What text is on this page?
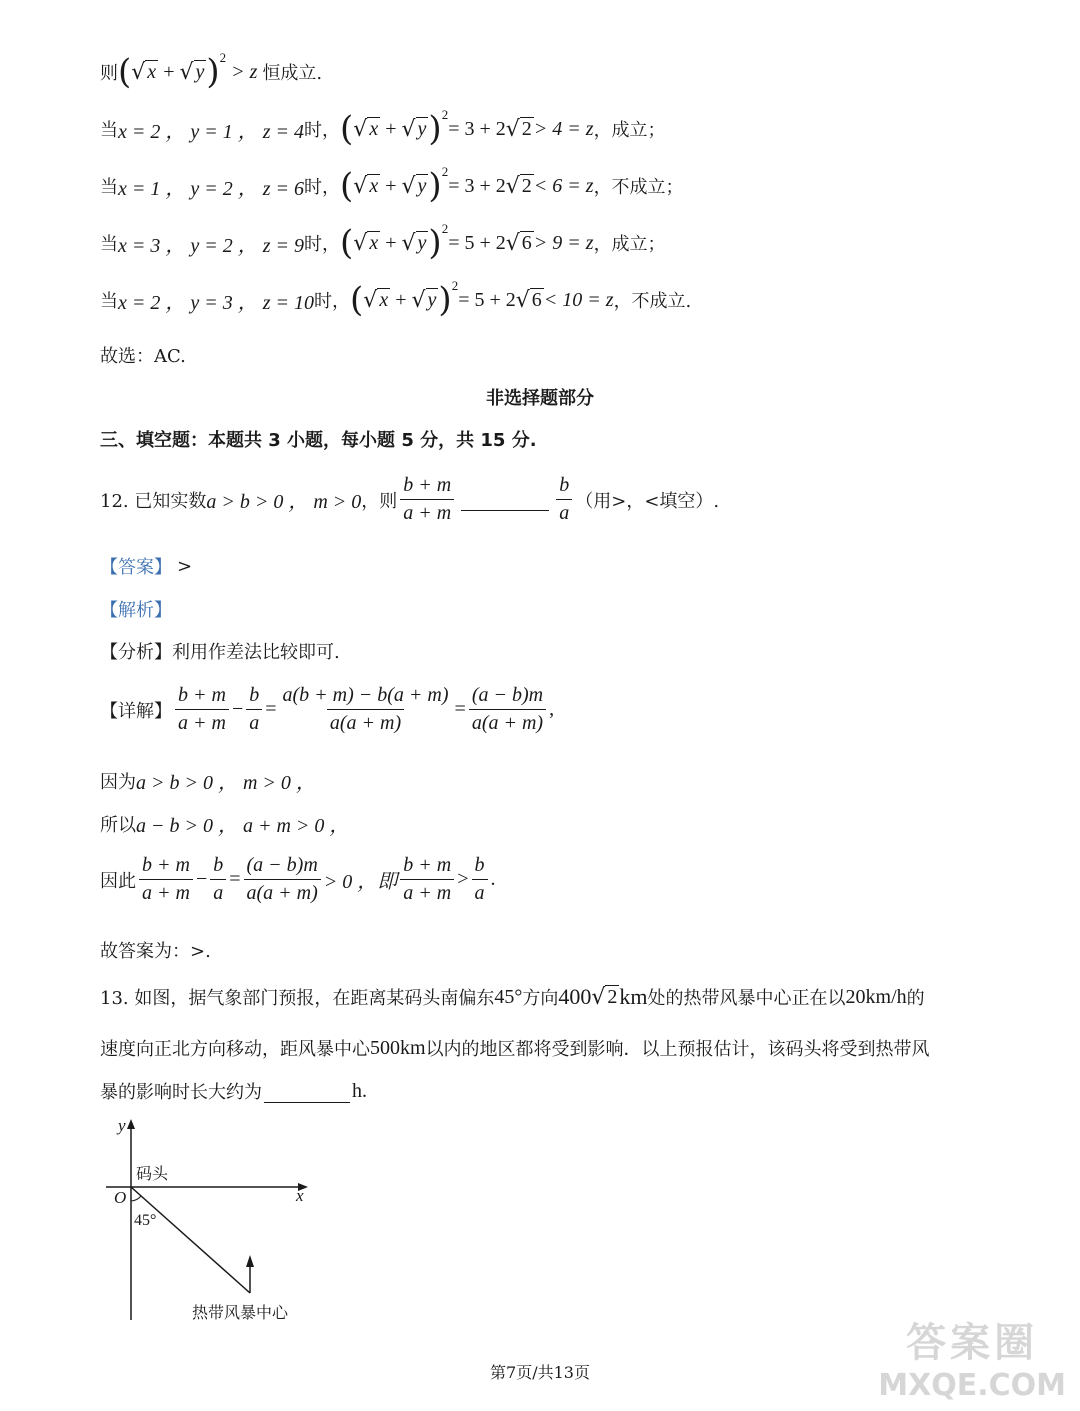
则 ( √ x + √ y ) 2
> z 恒成立.
当 x = 2 ， y = 1 ， z = 4 时， ( √ x + √ y ) 2
= 3 + 2 √ 2 > 4 = z ，成立；
当 x = 1 ， y = 2 ， z = 6 时， ( √ x + √ y ) 2
= 3 + 2 √ 2 < 6 = z ，不成立；
当 x = 3 ， y = 2 ， z = 9 时， ( √ x + √ y ) 2
= 5 + 2 √ 6 > 9 = z ，成立；
当 x = 2 ， y = 3 ， z = 10 时， ( √ x + √ y ) 2
= 5 + 2 √ 6 < 10 = z ，不成立.
故选：AC.
非选择题部分
三、填空题：本题共 3 小题，每小题 5 分，共 15 分.
12. 已知实数 a > b > 0 ， m > 0 ，则 $\frac{b + m}{a + m}$	$\frac{b}{a}$ （用>，<填空）.
【答案】
>
【解析】
【分析】利用作差法比较即可.
【详解】 $\frac{b + m}{a + m} - \frac{b}{a} = \frac{a(b + m) - b(a + m)}{a(a + m)} = \frac{(a - b)m}{a(a + m)}$ ,
因为 a > b > 0 ， m > 0 ，
所以 a − b > 0 ， a + m > 0 ，
因此 $\frac{b + m}{a + m} - \frac{b}{a} = \frac{(a - b)m}{a(a + m)} > 0$ ，即 $\frac{b + m}{a + m} > \frac{b}{a}$ .
故答案为：>.
13. 如图，据气象部门预报，在距离某码头南偏东 45° 方向 400 √ 2 km 处的热带风暴中心正在以 20km/h 的
速度向正北方向移动，距风暴中心 500km 以内的地区都将受到影响．以上预报估计，该码头将受到热带风
暴的影响时长大约为	h.
y
x
O
码头
45°
热带风暴中心
第7页/共13页
答案圈
MXQE.COM
